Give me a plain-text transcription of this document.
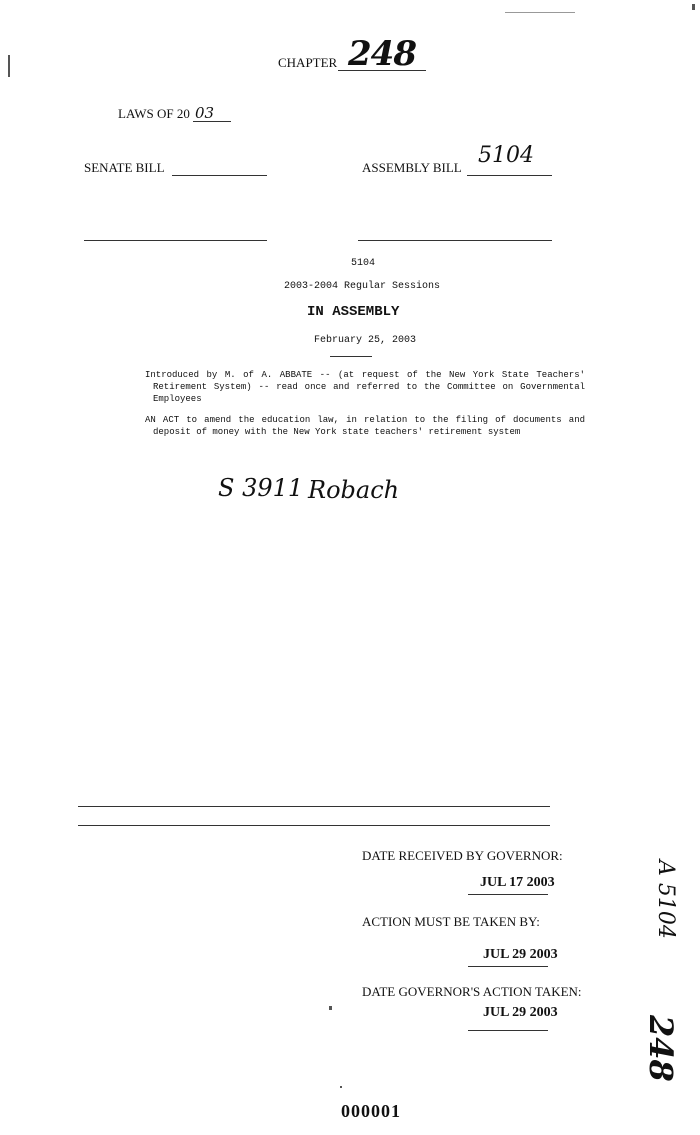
CHAPTER 248
LAWS OF 20 03
SENATE BILL	ASSEMBLY BILL 5104
5104
2003-2004 Regular Sessions
IN ASSEMBLY
February 25, 2003

Introduced by M. of A. ABBATE -- (at request of the New York State Teachers' Retirement System) -- read once and referred to the Committee on Governmental Employees

AN ACT to amend the education law, in relation to the filing of documents and deposit of money with the New York state teachers' retirement system

S 3911 Robach
DATE RECEIVED BY GOVERNOR:
JUL 17 2003
ACTION MUST BE TAKEN BY:
JUL 29 2003
DATE GOVERNOR'S ACTION TAKEN:
JUL 29 2003
000001
A 5104
248
